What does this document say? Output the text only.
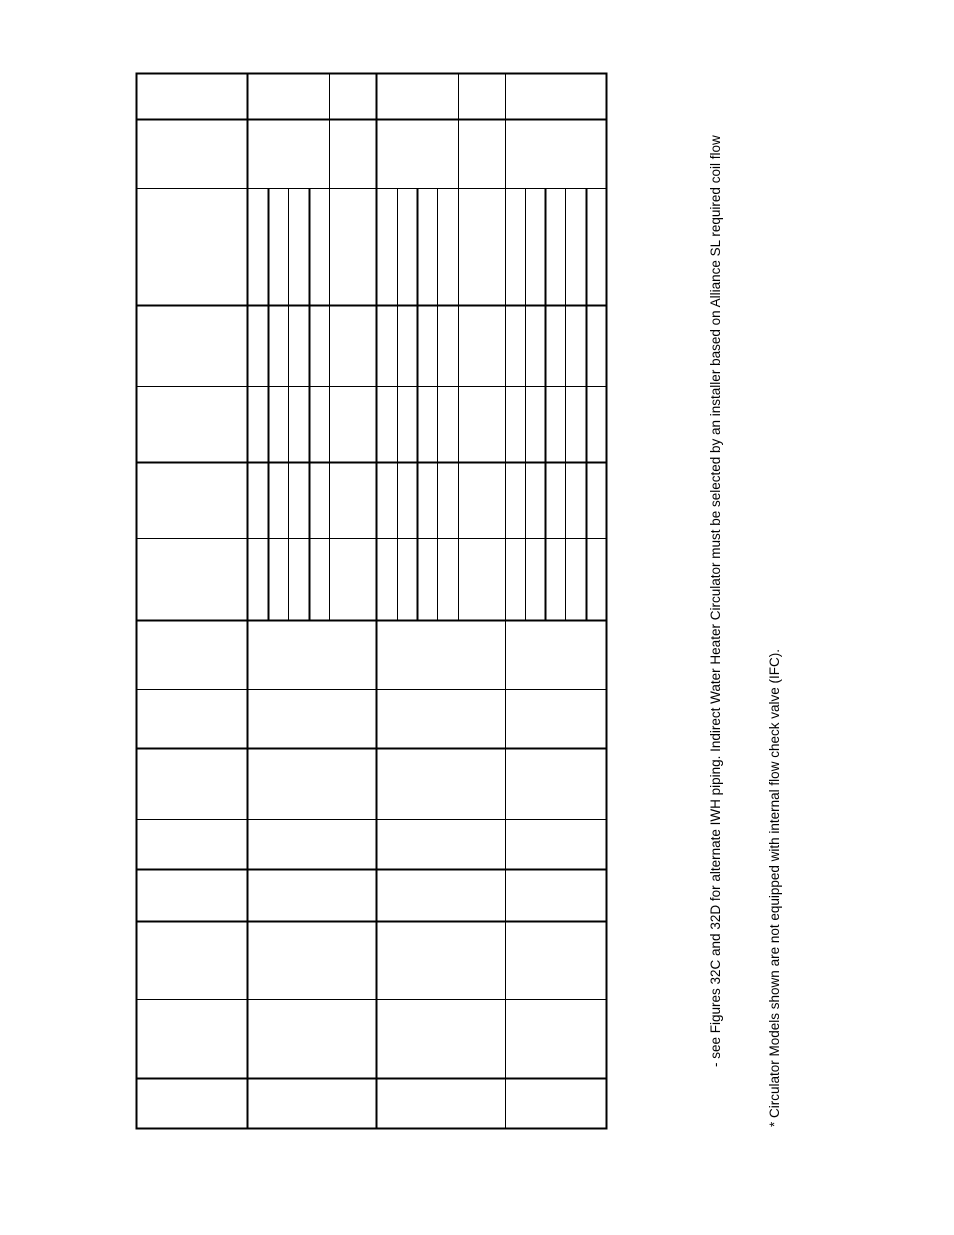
- see Figures 32C and 32D for alternate IWH piping. Indirect Water Heater Circulator must be selected by an installer based on Alliance SL required coil flow	* Circulator Models shown are not equipped with internal flow check valve (IFC).
